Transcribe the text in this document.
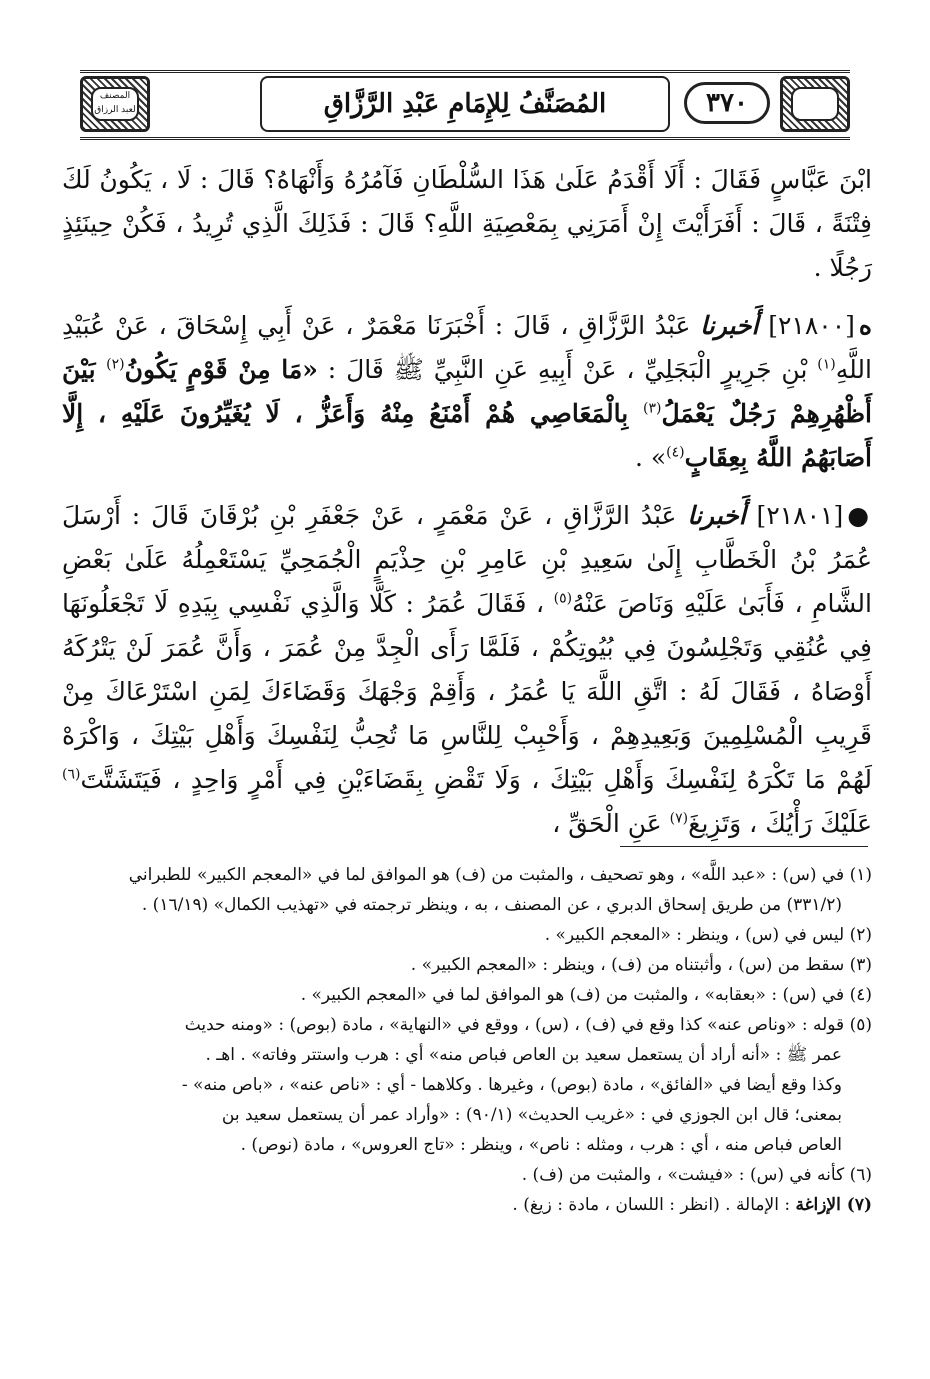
المصنف لعبد الرزاق	٣٧٠
المُصَنَّفُ لِلإِمَامِ عَبْدِ الرَّزَّاقِ

ابْنَ عَبَّاسٍ فَقَالَ : أَلَا أَقْدَمُ عَلَىٰ هَذَا السُّلْطَانِ فَآمُرُهُ وَأَنْهَاهُ؟ قَالَ : لَا ، يَكُونُ لَكَ فِتْنَةً ، قَالَ : أَفَرَأَيْتَ إِنْ أَمَرَنِي بِمَعْصِيَةِ اللَّهِ؟ قَالَ : فَذَلِكَ الَّذِي تُرِيدُ ، فَكُنْ حِينَئِذٍ رَجُلًا .

ه[٢١٨٠٠] أَخبرنا عَبْدُ الرَّزَّاقِ ، قَالَ : أَخْبَرَنَا مَعْمَرٌ ، عَنْ أَبِي إِسْحَاقَ ، عَنْ عُبَيْدِ اللَّهِ$^{(١)}$ بْنِ جَرِيرٍ الْبَجَلِيِّ ، عَنْ أَبِيهِ عَنِ النَّبِيِّ ﷺ قَالَ : «مَا مِنْ قَوْمٍ يَكُونُ$^{(٢)}$ بَيْنَ أَظْهُرِهِمْ رَجُلٌ يَعْمَلُ$^{(٣)}$ بِالْمَعَاصِي هُمْ أَمْنَعُ مِنْهُ وَأَعَزُّ ، لَا يُغَيِّرُونَ عَلَيْهِ ، إِلَّا أَصَابَهُمُ اللَّهُ بِعِقَابٍ$^{(٤)}$» .

●[٢١٨٠١] أَخبرنا عَبْدُ الرَّزَّاقِ ، عَنْ مَعْمَرٍ ، عَنْ جَعْفَرِ بْنِ بُرْقَانَ قَالَ : أَرْسَلَ عُمَرُ بْنُ الْخَطَّابِ إِلَىٰ سَعِيدِ بْنِ عَامِرِ بْنِ حِذْيَمٍ الْجُمَحِيِّ يَسْتَعْمِلُهُ عَلَىٰ بَعْضِ الشَّامِ ، فَأَبَىٰ عَلَيْهِ وَنَاصَ عَنْهُ$^{(٥)}$ ، فَقَالَ عُمَرُ : كَلَّا وَالَّذِي نَفْسِي بِيَدِهِ لَا تَجْعَلُونَهَا فِي عُنُقِي وَتَجْلِسُونَ فِي بُيُوتِكُمْ ، فَلَمَّا رَأَى الْجِدَّ مِنْ عُمَرَ ، وَأَنَّ عُمَرَ لَنْ يَتْرُكَهُ أَوْصَاهُ ، فَقَالَ لَهُ : اتَّقِ اللَّهَ يَا عُمَرُ ، وَأَقِمْ وَجْهَكَ وَقَضَاءَكَ لِمَنِ اسْتَرْعَاكَ مِنْ قَرِيبِ الْمُسْلِمِينَ وَبَعِيدِهِمْ ، وَأَحْبِبْ لِلنَّاسِ مَا تُحِبُّ لِنَفْسِكَ وَأَهْلِ بَيْتِكَ ، وَاكْرَهْ لَهُمْ مَا تَكْرَهُ لِنَفْسِكَ وَأَهْلِ بَيْتِكَ ، وَلَا تَقْضِ بِقَضَاءَيْنِ فِي أَمْرٍ وَاحِدٍ ، فَيَتَشَتَّتَ$^{(٦)}$ عَلَيْكَ رَأْيُكَ ، وَتَزِيغَ$^{(٧)}$ عَنِ الْحَقِّ ،

(١) في (س) : «عبد اللَّه» ، وهو تصحيف ، والمثبت من (ف) هو الموافق لما في «المعجم الكبير» للطبراني

(٣٣١/٢) من طريق إسحاق الدبري ، عن المصنف ، به ، وينظر ترجمته في «تهذيب الكمال» (١٦/١٩) .

(٢) ليس في (س) ، وينظر : «المعجم الكبير» .

(٣) سقط من (س) ، وأثبتناه من (ف) ، وينظر : «المعجم الكبير» .

(٤) في (س) : «بعقابه» ، والمثبت من (ف) هو الموافق لما في «المعجم الكبير» .

(٥) قوله : «وناص عنه» كذا وقع في (ف) ، (س) ، ووقع في «النهاية» ، مادة (بوص) : «ومنه حديث

عمر ﷺ : «أنه أراد أن يستعمل سعيد بن العاص فباص منه» أي : هرب واستتر وفاته» . اهـ .

وكذا وقع أيضا في «الفائق» ، مادة (بوص) ، وغيرها . وكلاهما - أي : «ناص عنه» ، «باص منه» -

بمعنى؛ قال ابن الجوزي في : «غريب الحديث» (٩٠/١) : «وأراد عمر أن يستعمل سعيد بن

العاص فباص منه ، أي : هرب ، ومثله : ناص» ، وينظر : «تاج العروس» ، مادة (نوص) .

(٦) كأنه في (س) : «فيشت» ، والمثبت من (ف) .

(٧) الإزاغة : الإمالة . (انظر : اللسان ، مادة : زيغ) .
